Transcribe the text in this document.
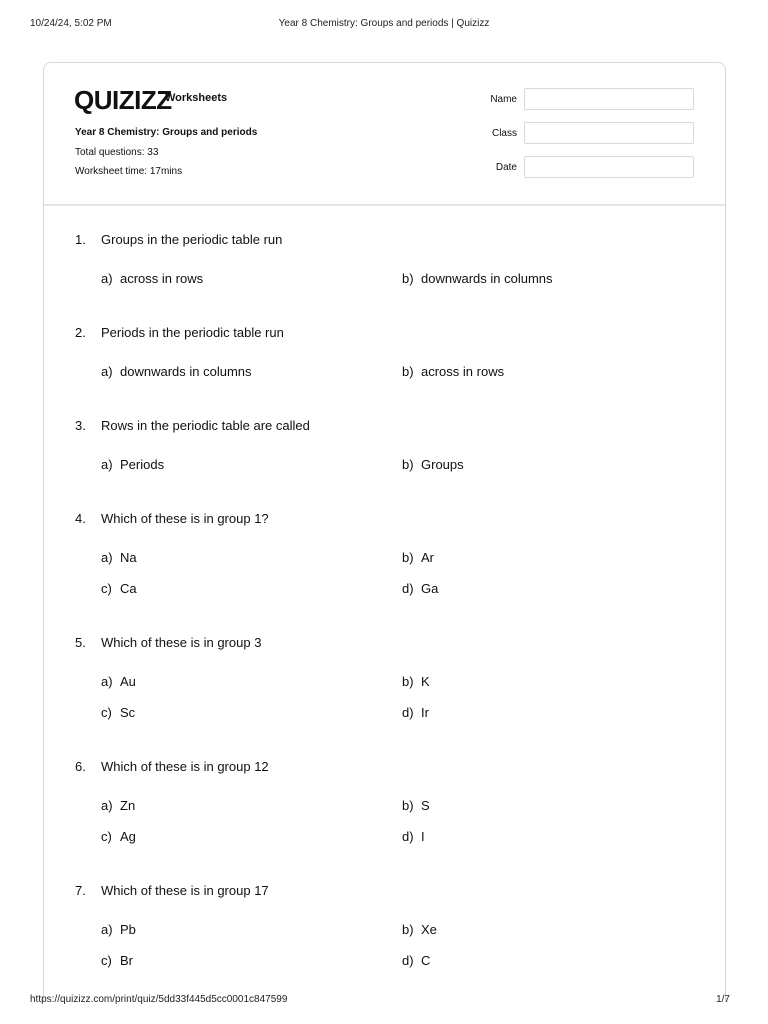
10/24/24, 5:02 PM	Year 8 Chemistry: Groups and periods | Quizizz
QUIZIZZ
Worksheets
Year 8 Chemistry: Groups and periods
Total questions: 33
Worksheet time: 17mins
Name
Class
Date
1. Groups in the periodic table run
a) across in rows	b) downwards in columns
2. Periods in the periodic table run
a) downwards in columns	b) across in rows
3. Rows in the periodic table are called
a) Periods	b) Groups
4. Which of these is in group 1?
a) Na	b) Ar
c) Ca	d) Ga
5. Which of these is in group 3
a) Au	b) K
c) Sc	d) Ir
6. Which of these is in group 12
a) Zn	b) S
c) Ag	d) I
7. Which of these is in group 17
a) Pb	b) Xe
c) Br	d) C
https://quizizz.com/print/quiz/5dd33f445d5cc0001c847599	1/7
